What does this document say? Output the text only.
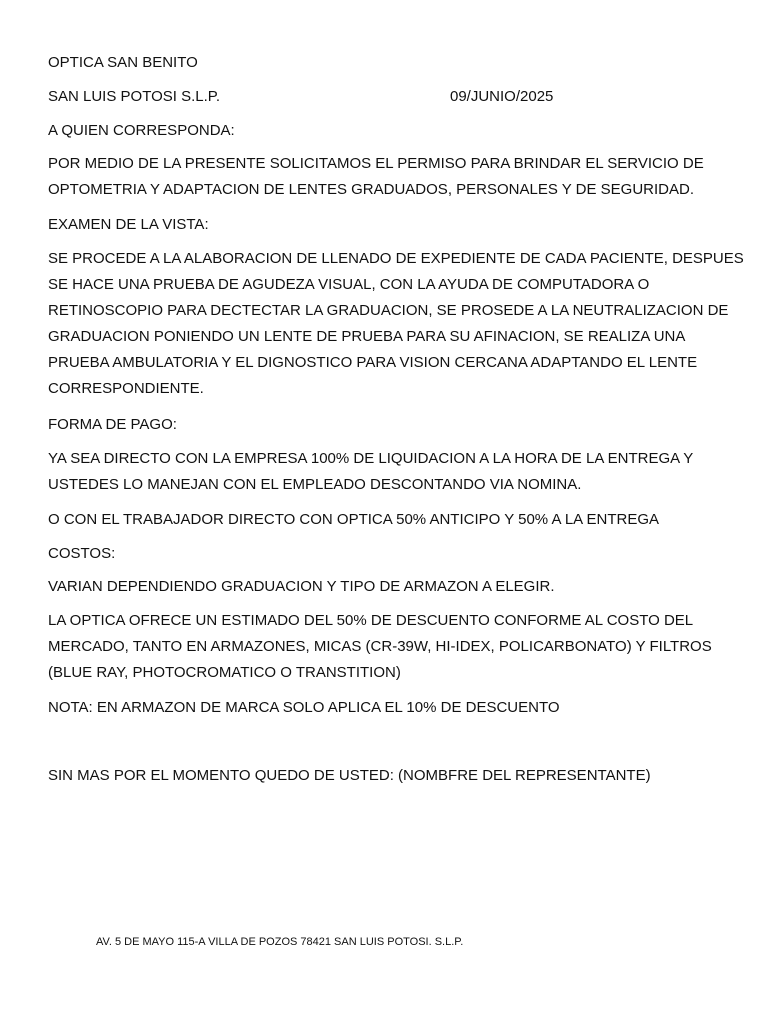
OPTICA SAN BENITO

SAN LUIS POTOSI S.L.P.	09/JUNIO/2025

A QUIEN CORRESPONDA:

POR MEDIO DE LA PRESENTE SOLICITAMOS EL PERMISO PARA BRINDAR EL SERVICIO DE
OPTOMETRIA Y ADAPTACION DE LENTES GRADUADOS, PERSONALES Y DE SEGURIDAD.

EXAMEN DE LA VISTA:

SE PROCEDE A LA ALABORACION DE LLENADO DE EXPEDIENTE DE CADA PACIENTE, DESPUES
SE HACE UNA PRUEBA DE AGUDEZA VISUAL, CON LA AYUDA DE COMPUTADORA O
RETINOSCOPIO PARA DECTECTAR LA GRADUACION, SE PROSEDE A LA NEUTRALIZACION DE
GRADUACION PONIENDO UN LENTE DE PRUEBA PARA SU AFINACION, SE REALIZA UNA
PRUEBA AMBULATORIA Y EL DIGNOSTICO PARA VISION CERCANA ADAPTANDO EL LENTE
CORRESPONDIENTE.

FORMA DE PAGO:

YA SEA DIRECTO CON LA EMPRESA 100% DE LIQUIDACION A LA HORA DE LA ENTREGA Y
USTEDES LO MANEJAN CON EL EMPLEADO DESCONTANDO VIA NOMINA.

O CON EL TRABAJADOR DIRECTO CON OPTICA 50% ANTICIPO Y 50% A LA ENTREGA

COSTOS:

VARIAN DEPENDIENDO GRADUACION Y TIPO DE ARMAZON A ELEGIR.

LA OPTICA OFRECE UN ESTIMADO DEL 50% DE DESCUENTO CONFORME AL COSTO DEL
MERCADO, TANTO EN ARMAZONES, MICAS (CR-39W, HI-IDEX, POLICARBONATO) Y FILTROS
(BLUE RAY, PHOTOCROMATICO O TRANSTITION)

NOTA: EN ARMAZON DE MARCA SOLO APLICA EL 10% DE DESCUENTO

SIN MAS POR EL MOMENTO QUEDO DE USTED: (NOMBFRE DEL REPRESENTANTE)

AV. 5 DE MAYO 115-A VILLA DE POZOS 78421 SAN LUIS POTOSI. S.L.P.
